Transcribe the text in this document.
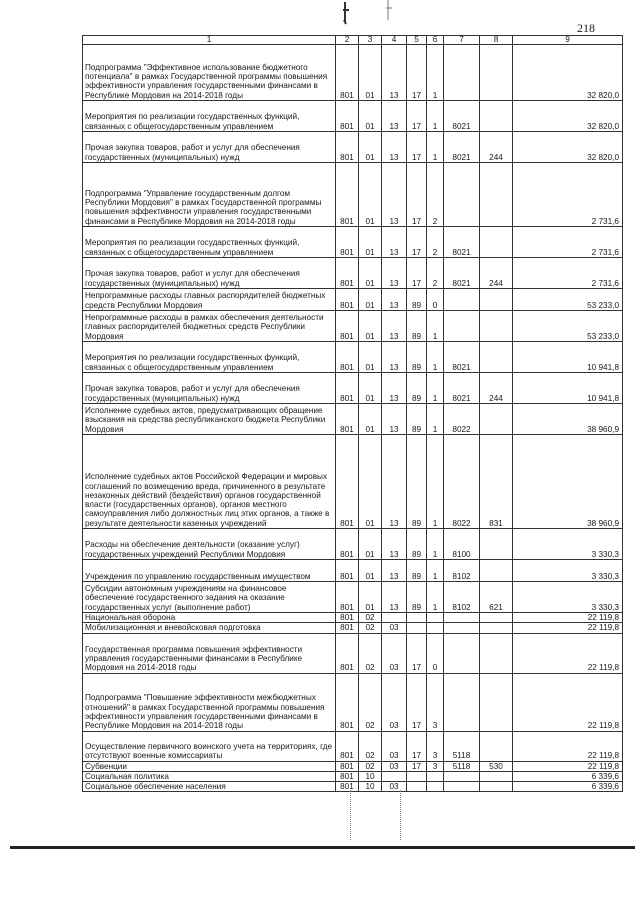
218
1	2	3	4	5	6	7	8	9
Подпрограмма "Эффективное использование бюджетного потенциала" в рамках Государственной программы повышения эффективности управления государственными финансами в Республике Мордовия на 2014-2018 годы	801	01	13	17	1			32 820,0
Мероприятия по реализации государственных функций, связанных с общегосударственным управлением	801	01	13	17	1	8021		32 820,0
Прочая закупка товаров, работ и услуг для обеспечения государственных (муниципальных) нужд	801	01	13	17	1	8021	244	32 820,0
Подпрограмма "Управление государственным долгом Республики Мордовия" в рамках Государственной программы повышения эффективности управления государственными финансами в Республике Мордовия на 2014-2018 годы	801	01	13	17	2			2 731,6
Мероприятия по реализации государственных функций, связанных с общегосударственным управлением	801	01	13	17	2	8021		2 731,6
Прочая закупка товаров, работ и услуг для обеспечения государственных (муниципальных) нужд	801	01	13	17	2	8021	244	2 731,6
Непрограммные расходы главных распорядителей бюджетных средств Республики Мордовия	801	01	13	89	0			53 233,0
Непрограммные расходы в рамках обеспечения деятельности главных распорядителей бюджетных средств Республики Мордовия	801	01	13	89	1			53 233,0
Мероприятия по реализации государственных функций, связанных с общегосударственным управлением	801	01	13	89	1	8021		10 941,8
Прочая закупка товаров, работ и услуг для обеспечения государственных (муниципальных) нужд	801	01	13	89	1	8021	244	10 941,8
Исполнение судебных актов, предусматривающих обращение взыскания на средства республиканского бюджета Республики Мордовия	801	01	13	89	1	8022		38 960,9
Исполнение судебных актов Российской Федерации и мировых соглашений по возмещению вреда, причиненного в результате незаконных действий (бездействия) органов государственной власти (государственных органов), органов местного самоуправления либо должностных лиц этих органов, а также в результате деятельности казенных учреждений	801	01	13	89	1	8022	831	38 960,9
Расходы на обеспечение деятельности (оказание услуг) государственных учреждений Республики Мордовия	801	01	13	89	1	8100		3 330,3
Учреждения по управлению государственным имуществом	801	01	13	89	1	8102		3 330,3
Субсидии автономным учреждениям на финансовое обеспечение государственного задания на оказание государственных услуг (выполнение работ)	801	01	13	89	1	8102	621	3 330,3
Национальная оборона	801	02						22 119,8
Мобилизационная и вневойсковая подготовка	801	02	03					22 119,8
Государственная программа повышения эффективности управления государственными финансами в Республике Мордовия на 2014-2018 годы	801	02	03	17	0			22 119,8
Подпрограмма "Повышение эффективности межбюджетных отношений" в рамках Государственной программы повышения эффективности управления государственными финансами в Республике Мордовия на 2014-2018 годы	801	02	03	17	3			22 119,8
Осуществление первичного воинского учета на территориях, где отсутствуют военные комиссариаты	801	02	03	17	3	5118		22 119,8
Субвенции	801	02	03	17	3	5118	530	22 119,8
Социальная политика	801	10						6 339,6
Социальное обеспечение населения	801	10	03					6 339,6
